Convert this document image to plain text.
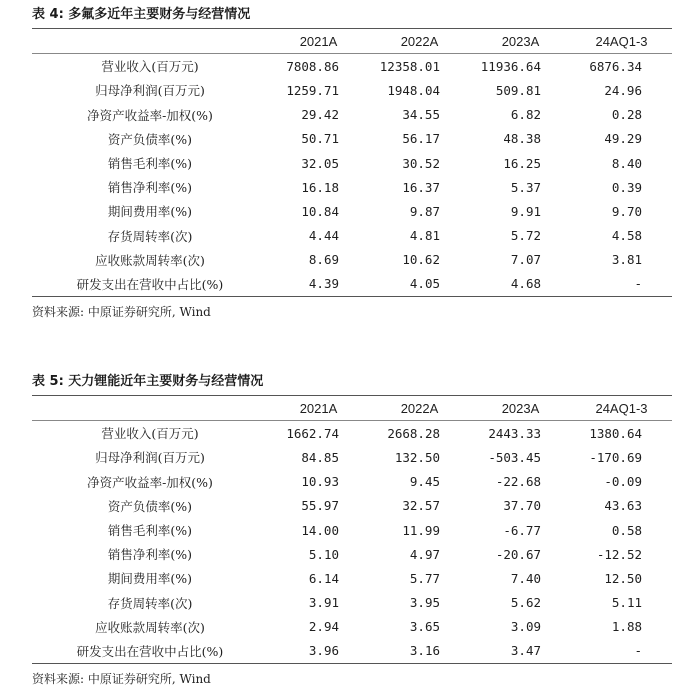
表 4: 多氟多近年主要财务与经营情况
	2021A	2022A	2023A	24AQ1-3
营业收入(百万元)	7808.86	12358.01	11936.64	6876.34
归母净利润(百万元)	1259.71	1948.04	509.81	24.96
净资产收益率-加权(%)	29.42	34.55	6.82	0.28
资产负债率(%)	50.71	56.17	48.38	49.29
销售毛利率(%)	32.05	30.52	16.25	8.40
销售净利率(%)	16.18	16.37	5.37	0.39
期间费用率(%)	10.84	9.87	9.91	9.70
存货周转率(次)	4.44	4.81	5.72	4.58
应收账款周转率(次)	8.69	10.62	7.07	3.81
研发支出在营收中占比(%)	4.39	4.05	4.68	-
资料来源: 中原证券研究所, Wind
表 5: 天力锂能近年主要财务与经营情况
	2021A	2022A	2023A	24AQ1-3
营业收入(百万元)	1662.74	2668.28	2443.33	1380.64
归母净利润(百万元)	84.85	132.50	-503.45	-170.69
净资产收益率-加权(%)	10.93	9.45	-22.68	-0.09
资产负债率(%)	55.97	32.57	37.70	43.63
销售毛利率(%)	14.00	11.99	-6.77	0.58
销售净利率(%)	5.10	4.97	-20.67	-12.52
期间费用率(%)	6.14	5.77	7.40	12.50
存货周转率(次)	3.91	3.95	5.62	5.11
应收账款周转率(次)	2.94	3.65	3.09	1.88
研发支出在营收中占比(%)	3.96	3.16	3.47	-
资料来源: 中原证券研究所, Wind
